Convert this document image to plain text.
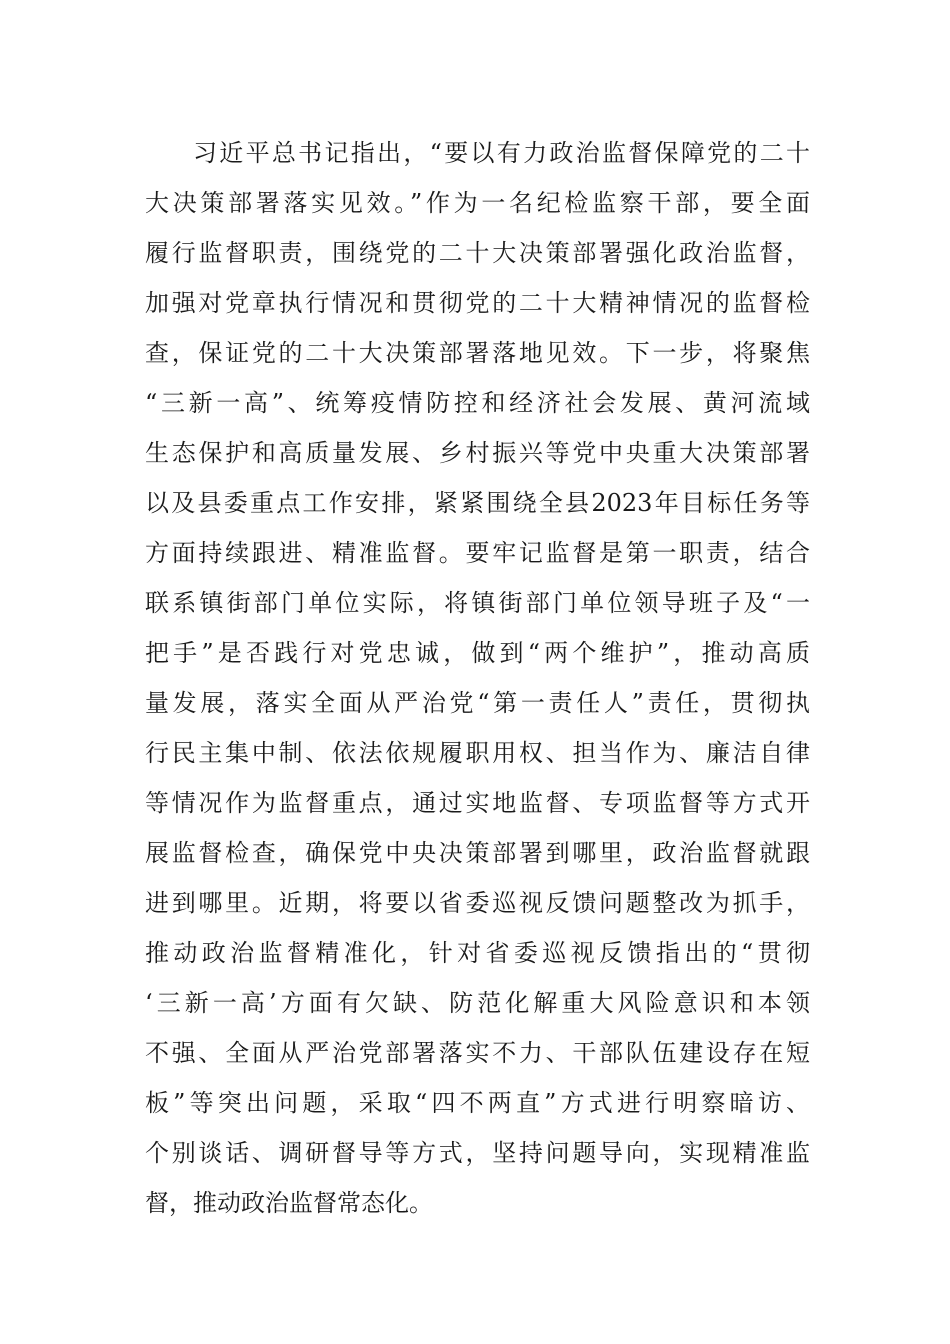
习近平总书记指出，“要以有力政治监督保障党的二十
大决策部署落实见效。”作为一名纪检监察干部，要全面
履行监督职责，围绕党的二十大决策部署强化政治监督，
加强对党章执行情况和贯彻党的二十大精神情况的监督检
查，保证党的二十大决策部署落地见效。下一步，将聚焦
“三新一高”、统筹疫情防控和经济社会发展、黄河流域
生态保护和高质量发展、乡村振兴等党中央重大决策部署
以及县委重点工作安排，紧紧围绕全县2023年目标任务等
方面持续跟进、精准监督。要牢记监督是第一职责，结合
联系镇街部门单位实际，将镇街部门单位领导班子及“一
把手”是否践行对党忠诚，做到“两个维护”，推动高质
量发展，落实全面从严治党“第一责任人”责任，贯彻执
行民主集中制、依法依规履职用权、担当作为、廉洁自律
等情况作为监督重点，通过实地监督、专项监督等方式开
展监督检查，确保党中央决策部署到哪里，政治监督就跟
进到哪里。近期，将要以省委巡视反馈问题整改为抓手，
推动政治监督精准化，针对省委巡视反馈指出的“贯彻
‘三新一高’方面有欠缺、防范化解重大风险意识和本领
不强、全面从严治党部署落实不力、干部队伍建设存在短
板”等突出问题，采取“四不两直”方式进行明察暗访、
个别谈话、调研督导等方式，坚持问题导向，实现精准监
督，推动政治监督常态化。
